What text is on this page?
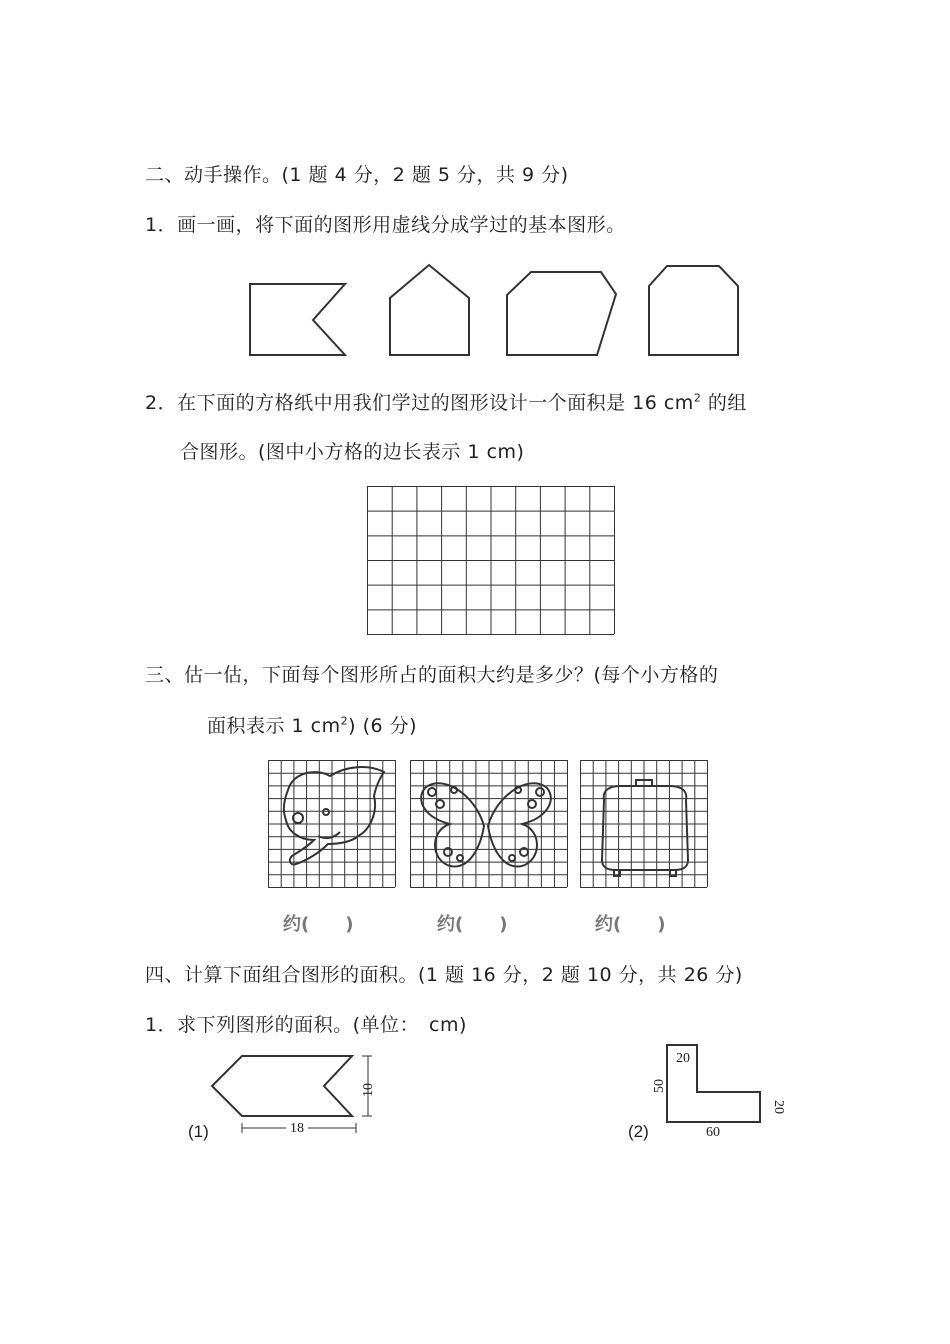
二、动手操作。(1 题 4 分，2 题 5 分，共 9 分)
1．画一画，将下面的图形用虚线分成学过的基本图形。
2．在下面的方格纸中用我们学过的图形设计一个面积是 16 $cm^2$ 的组
合图形。(图中小方格的边长表示 1 cm)
三、估一估，下面每个图形所占的面积大约是多少？(每个小方格的
面积表示 1 $cm^2$) (6 分)
约(　　)	约(　　)	约(　　)
四、计算下面组合图形的面积。(1 题 16 分，2 题 10 分，共 26 分)
1．求下列图形的面积。(单位：　cm)
10
18
(1)
20
50
20
60
(2)
